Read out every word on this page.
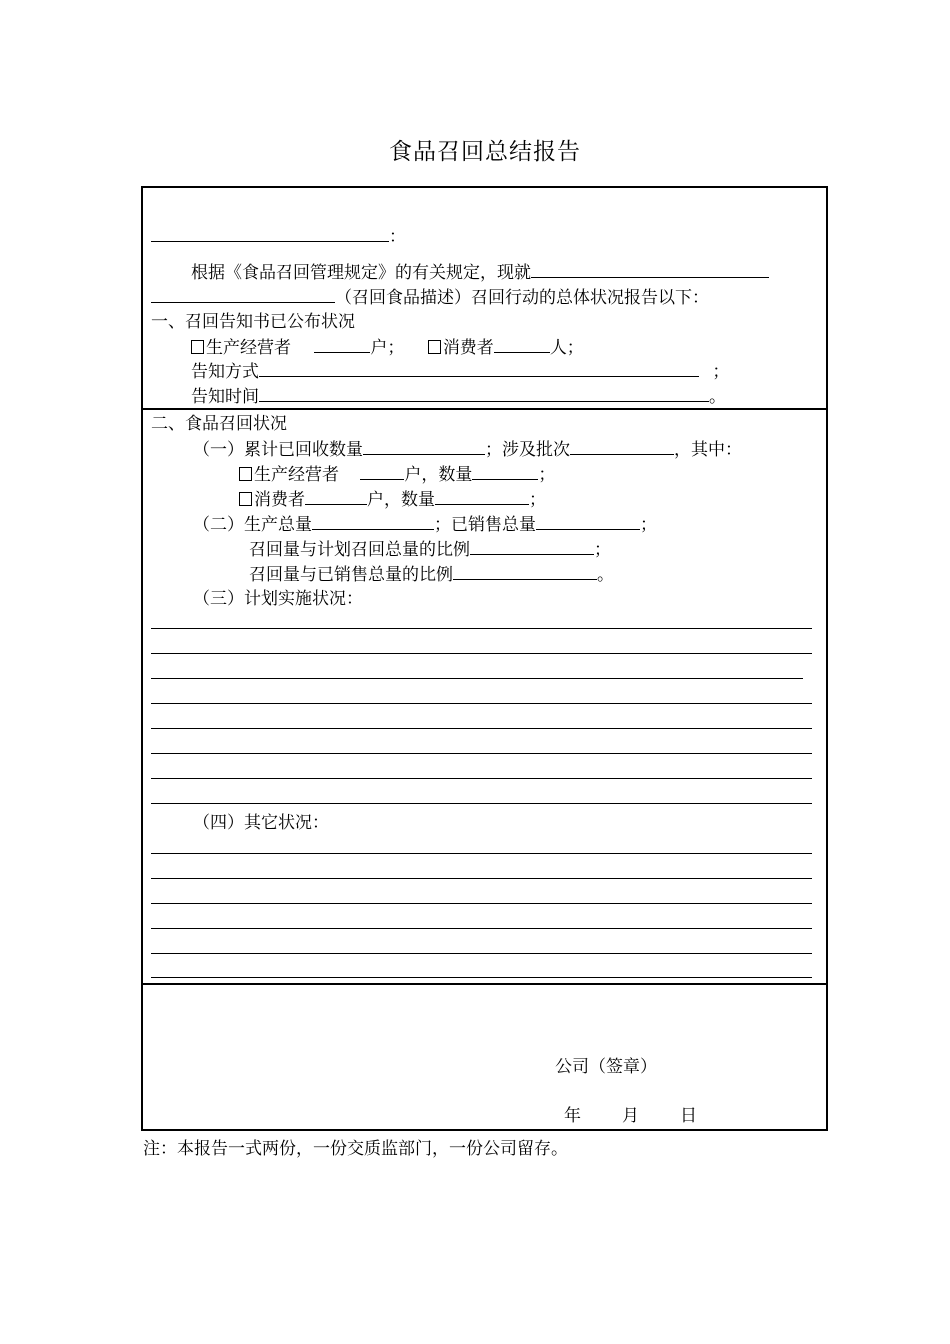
食品召回总结报告
：
根据《食品召回管理规定》的有关规定，现就
（召回食品描述）召回行动的总体状况报告以下：
一、召回告知书已公布状况
生产经营者	户； 消费者	人；
告知方式	；
告知时间	。
二、食品召回状况
（一）累计已回收数量	；涉及批次	，其中：
生产经营者	户，数量	；
消费者	户，数量	；
（二）生产总量	；已销售总量	；
召回量与计划召回总量的比例	；
召回量与已销售总量的比例	。
（三）计划实施状况：
（四）其它状况：
公司（签章）
年 月 日
注：本报告一式两份，一份交质监部门，一份公司留存。
